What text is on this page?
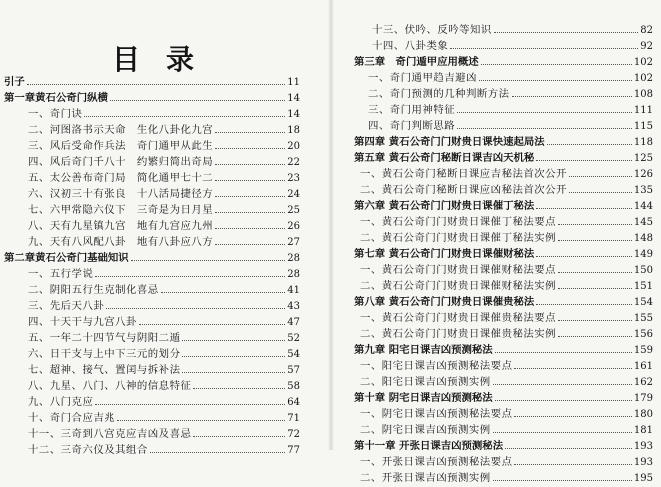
目录
引子	11
第一章黄石公奇门纵横	14
一、奇门诀	14
二、河图洛书示天命　生化八卦化九宫	18
三、风后受命作兵法　奇门通甲从此生	20
四、风后奇门千八十　约繁归简出奇局	22
五、太公善布奇门局　简化通甲七十二	23
六、汉初三十有张良　十八活局捷径方	24
七、六甲常隐六仪下　三奇是为日月星	25
八、天有九星镇九宫　地有九宫应九州	26
九、天有八风配八卦　地有八卦应八方	27
第二章黄石公奇门基础知识	28
一、五行学说	28
二、阴阳五行生克制化喜忌	41
三、先后天八卦	43
四、十天干与九宫八卦	47
五、一年二十四节气与阴阳二遁	52
六、日干支与上中下三元的划分	54
七、超神、接气、置闰与拆补法	57
八、九星、八门、八神的信息特征	58
九、八门克应	64
十、奇门合应吉兆	71
十一、三奇到八宫克应吉凶及喜忌	72
十二、三奇六仪及其组合	77
十三、伏吟、反吟等知识	82
十四、八卦类象	92
第三章　奇门遁甲应用概述	102
一、奇门通甲趋吉避凶	102
二、奇门预测的几种判断方法	108
三、奇门用神特征	111
四、奇门判断思路	115
第四章 黄石公奇门门财贵日课快速起局法	118
第五章 黄石公奇门秘断日课吉凶天机秘	125
一、黄石公奇门秘断日课应吉秘法首次公开	126
二、黄石公奇门秘断日课应凶秘法首次公开	135
第六章 黄石公奇门门财贵日课催丁秘法	144
一、黄石公奇门门财贵日课催丁秘法要点	145
二、黄石公奇门门财贵日课催丁秘法实例	148
第七章 黄石公奇门门财贵日课催财秘法	149
一、黄石公奇门门财贵日课催财秘法要点	150
二、黄石公奇门门财贵日课催财秘法实例	151
第八章 黄石公奇门门财贵日课催贵秘法	154
一、黄石公奇门门财贵日课催贵秘法要点	155
二、黄石公奇门门财贵日课催贵秘法实例	156
第九章 阳宅日课吉凶预测秘法	159
一、阳宅日课吉凶预测秘法要点	161
二、阳宅日课吉凶预测实例	162
第十章 阴宅日课吉凶预测秘法	179
一、阴宅日课吉凶预测秘法要点	180
二、阴宅日课吉凶预测实例	181
第十一章 开张日课吉凶预测秘法	193
一、开张日课吉凶预测秘法要点	193
二、开张日课吉凶预测实例	195
